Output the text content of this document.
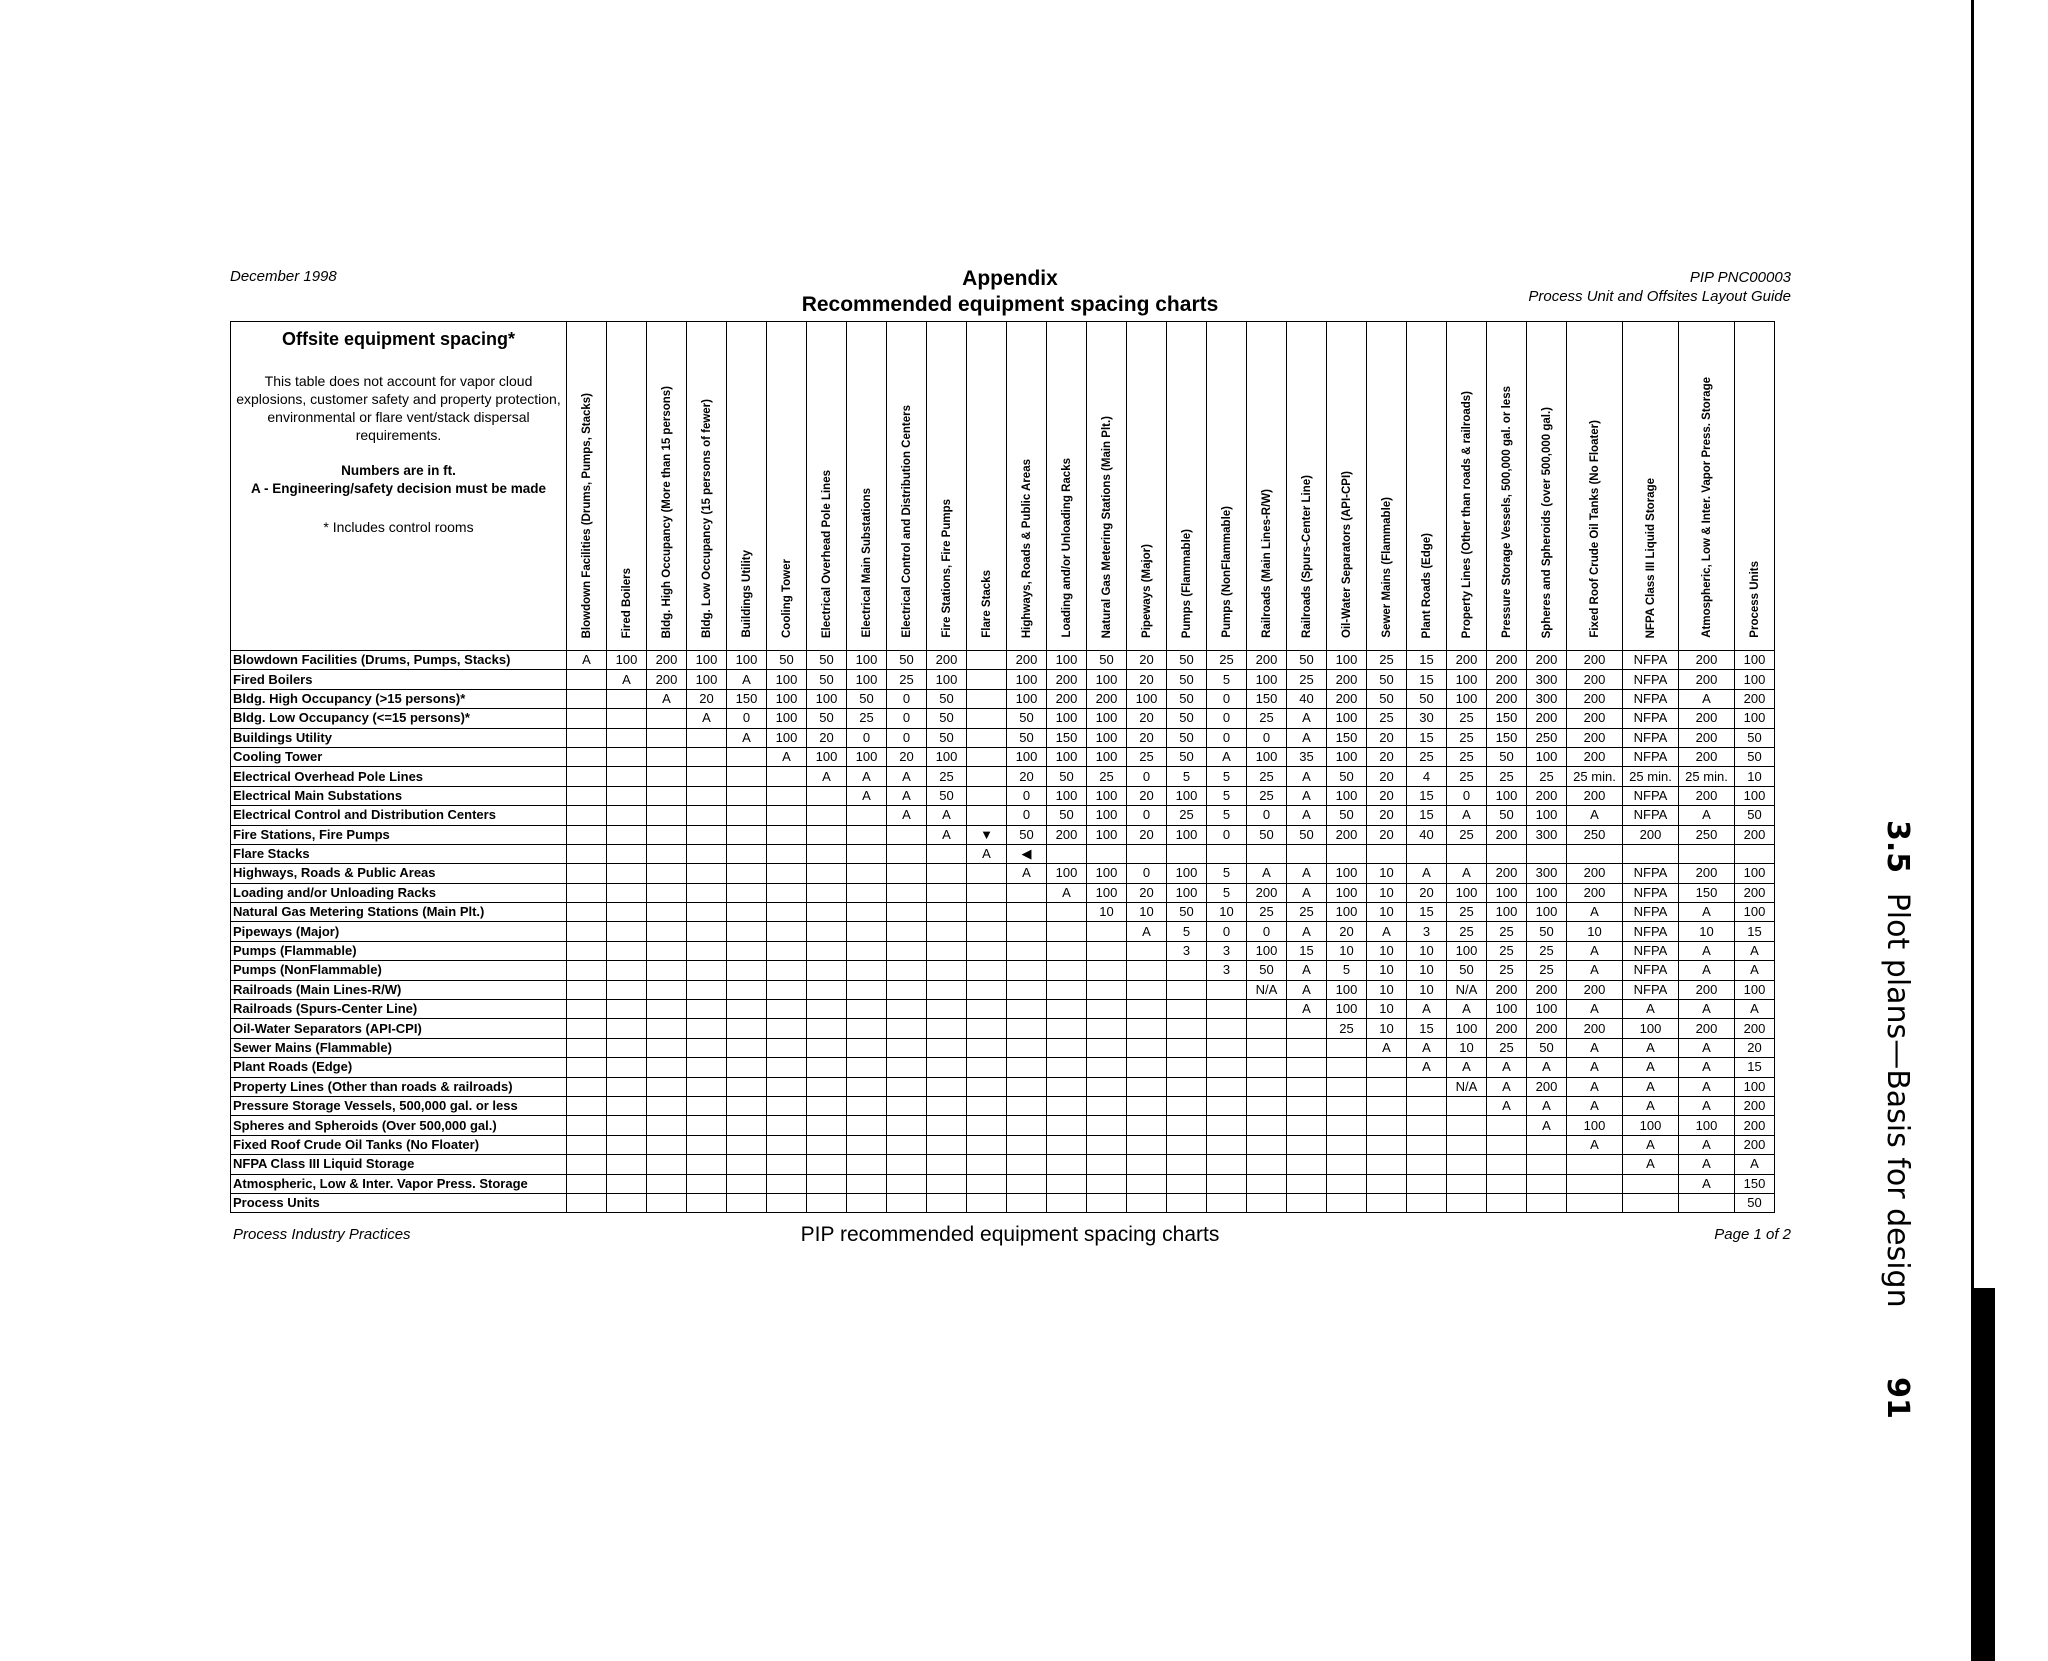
December 1998	Appendix
Recommended equipment spacing charts
PIP PNC00003
Process Unit and Offsites Layout Guide
Offsite equipment spacing*
This table does not account for vapor cloud explosions, customer safety and property protection, environmental or flare vent/stack dispersal requirements.
Numbers are in ft.
A - Engineering/safety decision must be made
* Includes control rooms	Blowdown Facilities (Drums, Pumps, Stacks)	Fired Boilers	Bldg. High Occupancy (More than 15 persons)	Bldg. Low Occupancy (15 persons of fewer)	Buildings Utility	Cooling Tower	Electrical Overhead Pole Lines	Electrical Main Substations	Electrical Control and Distribution Centers	Fire Stations, Fire Pumps	Flare Stacks	Highways, Roads & Public Areas	Loading and/or Unloading Racks	Natural Gas Metering Stations (Main Plt.)	Pipeways (Major)	Pumps (Flammable)	Pumps (NonFlammable)	Railroads (Main Lines-R/W)	Railroads (Spurs-Center Line)	Oil-Water Separators (API-CPI)	Sewer Mains (Flammable)	Plant Roads (Edge)	Property Lines (Other than roads & railroads)	Pressure Storage Vessels, 500,000 gal. or less	Spheres and Spheroids (over 500,000 gal.)	Fixed Roof Crude Oil Tanks (No Floater)	NFPA Class III Liquid Storage	Atmospheric, Low & Inter. Vapor Press. Storage	Process Units
Blowdown Facilities (Drums, Pumps, Stacks)	A	100	200	100	100	50	50	100	50	200		200	100	50	20	50	25	200	50	100	25	15	200	200	200	200	NFPA	200	100
Fired Boilers		A	200	100	A	100	50	100	25	100		100	200	100	20	50	5	100	25	200	50	15	100	200	300	200	NFPA	200	100
Bldg. High Occupancy (>15 persons)*			A	20	150	100	100	50	0	50		100	200	200	100	50	0	150	40	200	50	50	100	200	300	200	NFPA	A	200
Bldg. Low Occupancy (<=15 persons)*				A	0	100	50	25	0	50		50	100	100	20	50	0	25	A	100	25	30	25	150	200	200	NFPA	200	100
Buildings Utility					A	100	20	0	0	50		50	150	100	20	50	0	0	A	150	20	15	25	150	250	200	NFPA	200	50
Cooling Tower						A	100	100	20	100		100	100	100	25	50	A	100	35	100	20	25	25	50	100	200	NFPA	200	50
Electrical Overhead Pole Lines							A	A	A	25		20	50	25	0	5	5	25	A	50	20	4	25	25	25	25 min.	25 min.	25 min.	10
Electrical Main Substations								A	A	50		0	100	100	20	100	5	25	A	100	20	15	0	100	200	200	NFPA	200	100
Electrical Control and Distribution Centers									A	A		0	50	100	0	25	5	0	A	50	20	15	A	50	100	A	NFPA	A	50
Fire Stations, Fire Pumps										A	▼	50	200	100	20	100	0	50	50	200	20	40	25	200	300	250	200	250	200
Flare Stacks											A	◀																	
Highways, Roads & Public Areas												A	100	100	0	100	5	A	A	100	10	A	A	200	300	200	NFPA	200	100
Loading and/or Unloading Racks													A	100	20	100	5	200	A	100	10	20	100	100	100	200	NFPA	150	200
Natural Gas Metering Stations (Main Plt.)														10	10	50	10	25	25	100	10	15	25	100	100	A	NFPA	A	100
Pipeways (Major)															A	5	0	0	A	20	A	3	25	25	50	10	NFPA	10	15
Pumps (Flammable)																3	3	100	15	10	10	10	100	25	25	A	NFPA	A	A
Pumps (NonFlammable)																	3	50	A	5	10	10	50	25	25	A	NFPA	A	A
Railroads (Main Lines-R/W)																		N/A	A	100	10	10	N/A	200	200	200	NFPA	200	100
Railroads (Spurs-Center Line)																			A	100	10	A	A	100	100	A	A	A	A
Oil-Water Separators (API-CPI)																				25	10	15	100	200	200	200	100	200	200
Sewer Mains (Flammable)																					A	A	10	25	50	A	A	A	20
Plant Roads (Edge)																						A	A	A	A	A	A	A	15
Property Lines (Other than roads & railroads)																							N/A	A	200	A	A	A	100
Pressure Storage Vessels, 500,000 gal. or less																								A	A	A	A	A	200
Spheres and Spheroids (Over 500,000 gal.)																									A	100	100	100	200
Fixed Roof Crude Oil Tanks (No Floater)																										A	A	A	200
NFPA Class III Liquid Storage																											A	A	A
Atmospheric, Low & Inter. Vapor Press. Storage																												A	150
Process Units																													50
Process Industry Practices	PIP recommended equipment spacing charts	Page 1 of 2
3.5 Plot plans—Basis for design 91
